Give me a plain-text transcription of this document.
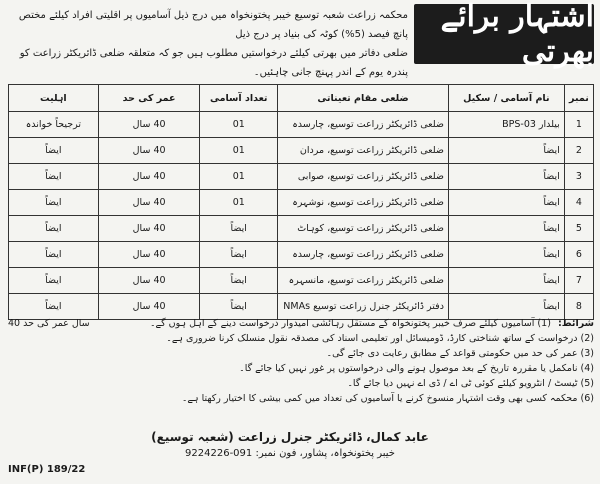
اشتہار برائے بھرتی
محکمہ زراعت شعبہ توسیع خیبر پختونخواہ میں درج ذیل آسامیوں پر اقلیتی افراد کیلئے مختص پانچ فیصد (5%) کوٹہ کی بنیاد پر درج ذیل
ضلعی دفاتر میں بھرتی کیلئے درخواستیں مطلوب ہیں جو کہ متعلقہ ضلعی ڈائریکٹر زراعت کو پندرہ یوم کے اندر پہنچ جانی چاہئیں۔
نمبر	نام آسامی / سکیل	ضلعی مقام تعیناتی	تعداد آسامی	عمر کی حد	اہلیت
1	بیلدار BPS-03	ضلعی ڈائریکٹر زراعت توسیع، چارسدہ	01	40 سال	ترجیحاً خواندہ
2	ایضاً	ضلعی ڈائریکٹر زراعت توسیع، مردان	01	40 سال	ایضاً
3	ایضاً	ضلعی ڈائریکٹر زراعت توسیع، صوابی	01	40 سال	ایضاً
4	ایضاً	ضلعی ڈائریکٹر زراعت توسیع، نوشہرہ	01	40 سال	ایضاً
5	ایضاً	ضلعی ڈائریکٹر زراعت توسیع، کوہاٹ	ایضاً	40 سال	ایضاً
6	ایضاً	ضلعی ڈائریکٹر زراعت توسیع، چارسدہ	ایضاً	40 سال	ایضاً
7	ایضاً	ضلعی ڈائریکٹر زراعت توسیع، مانسہرہ	ایضاً	40 سال	ایضاً
8	ایضاً	دفتر ڈائریکٹر جنرل زراعت توسیع NMAs	ایضاً	40 سال	ایضاً
40 سال عمر کی حد	شرائط: (1) آسامیوں کیلئے صرف خیبر پختونخواہ کے مستقل رہائشی امیدوار درخواست دینے کے اہل ہوں گے۔
(2) درخواست کے ساتھ شناختی کارڈ، ڈومیسائل اور تعلیمی اسناد کی مصدقہ نقول منسلک کرنا ضروری ہے۔
(3) عمر کی حد میں حکومتی قواعد کے مطابق رعایت دی جائے گی۔
(4) نامکمل یا مقررہ تاریخ کے بعد موصول ہونے والی درخواستوں پر غور نہیں کیا جائے گا۔
(5) ٹیسٹ / انٹرویو کیلئے کوئی ٹی اے / ڈی اے نہیں دیا جائے گا۔
(6) محکمہ کسی بھی وقت اشتہار منسوخ کرنے یا آسامیوں کی تعداد میں کمی بیشی کا اختیار رکھتا ہے۔
عابد کمال، ڈائریکٹر جنرل زراعت (شعبہ توسیع)
خیبر پختونخواہ، پشاور، فون نمبر: 091-9224226
INF(P) 189/22
